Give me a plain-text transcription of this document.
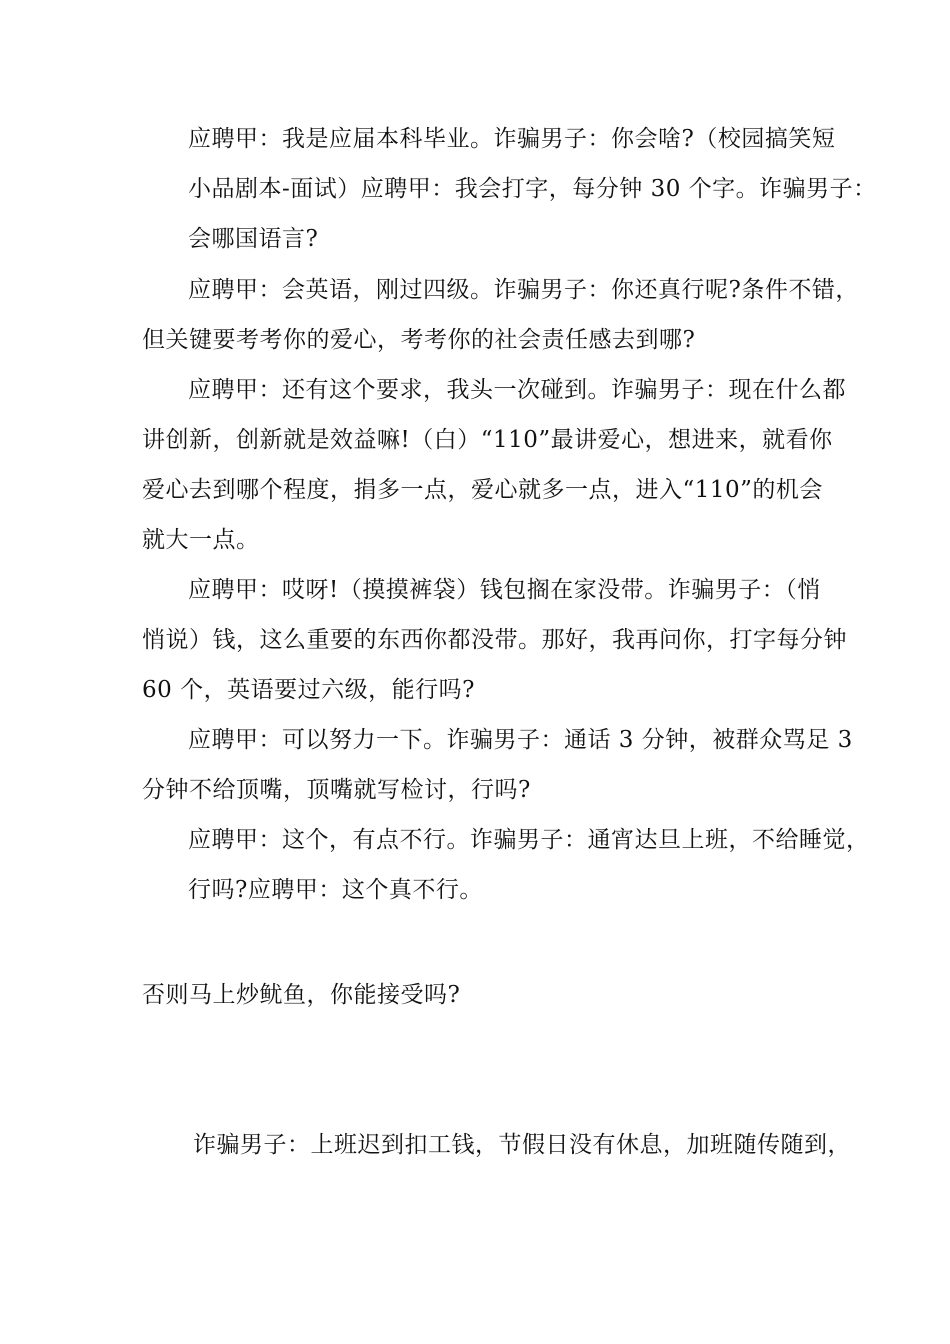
应聘甲：我是应届本科毕业。诈骗男子：你会啥?（校园搞笑短
小品剧本-面试）应聘甲：我会打字，每分钟 30 个字。诈骗男子：
会哪国语言?
应聘甲：会英语，刚过四级。诈骗男子：你还真行呢?条件不错，
但关键要考考你的爱心，考考你的社会责任感去到哪?
应聘甲：还有这个要求，我头一次碰到。诈骗男子：现在什么都
讲创新，创新就是效益嘛!（白）“110”最讲爱心，想进来，就看你
爱心去到哪个程度，捐多一点，爱心就多一点，进入“110”的机会
就大一点。
应聘甲：哎呀!（摸摸裤袋）钱包搁在家没带。诈骗男子：（悄
悄说）钱，这么重要的东西你都没带。那好，我再问你，打字每分钟
60 个，英语要过六级，能行吗?
应聘甲：可以努力一下。诈骗男子：通话 3 分钟，被群众骂足 3
分钟不给顶嘴，顶嘴就写检讨，行吗?
应聘甲：这个，有点不行。诈骗男子：通宵达旦上班，不给睡觉，
行吗?应聘甲：这个真不行。
否则马上炒鱿鱼，你能接受吗?
诈骗男子：上班迟到扣工钱，节假日没有休息，加班随传随到，
